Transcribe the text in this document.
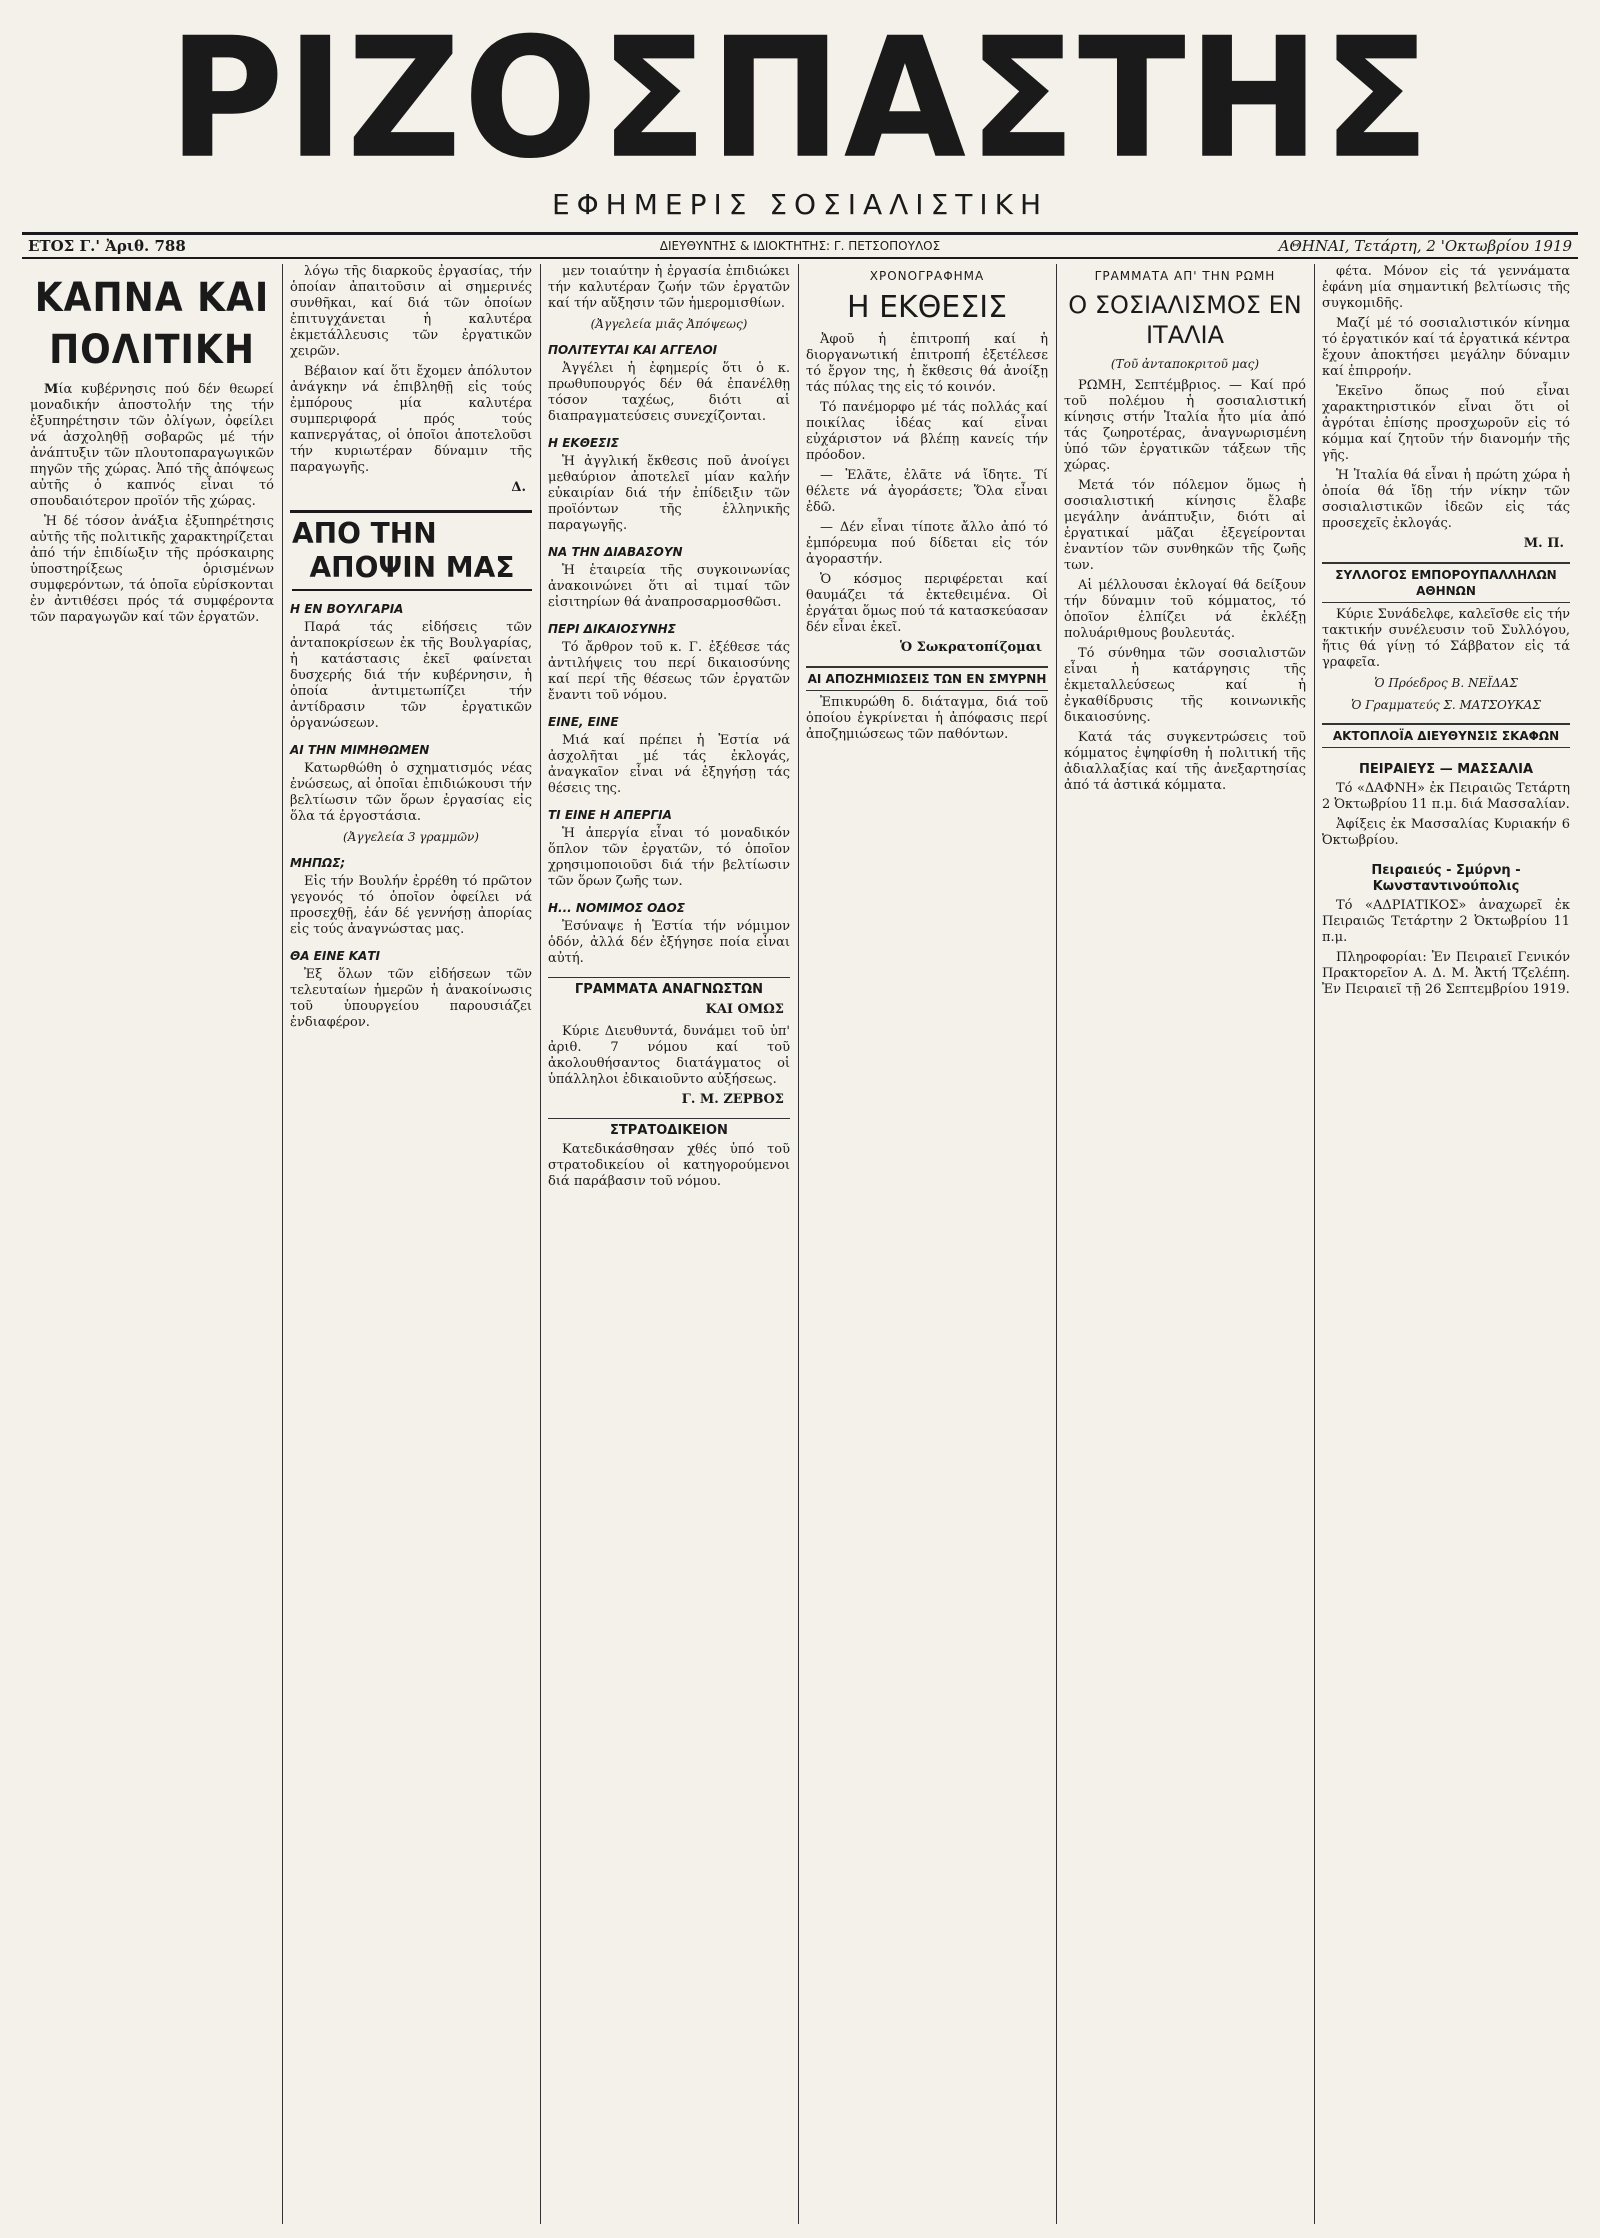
ΡΙΖΟΣΠΑΣΤΗΣ
ΕΦΗΜΕΡΙΣ ΣΟΣΙΑΛΙΣΤΙΚΗ
ΕΤΟΣ Γ.' Ἀριθ. 788	ΔΙΕΥΘΥΝΤΗΣ & ΙΔΙΟΚΤΗΤΗΣ: Γ. ΠΕΤΣΟΠΟΥΛΟΣ	ΑΘΗΝΑΙ, Τετάρτη, 2 'Οκτωβρίου 1919
ΚΑΠΝΑ ΚΑΙ ΠΟΛΙΤΙΚΗ

Μία κυβέρνησις πού δέν θεωρεί μοναδικήν ἀποστολήν της τήν ἐξυπηρέτησιν τῶν ὀλίγων, ὀφείλει νά ἀσχοληθῇ σοβαρῶς μέ τήν ἀνάπτυξιν τῶν πλουτοπαραγωγικῶν πηγῶν τῆς χώρας. Ἀπό τῆς ἀπόψεως αὐτῆς ὁ καπνός εἶναι τό σπουδαιότερον προϊόν τῆς χώρας.

Ἡ δέ τόσον ἀνάξια ἐξυπηρέτησις αὐτῆς τῆς πολιτικῆς χαρακτηρίζεται ἀπό τήν ἐπιδίωξιν τῆς πρόσκαιρης ὑποστηρίξεως ὁρισμένων συμφερόντων, τά ὁποῖα εὑρίσκονται ἐν ἀντιθέσει πρός τά συμφέροντα τῶν παραγωγῶν καί τῶν ἐργατῶν.

λόγω τῆς διαρκοῦς ἐργασίας, τήν ὁποίαν ἀπαιτοῦσιν αἱ σημερινές συνθῆκαι, καί διά τῶν ὁποίων ἐπιτυγχάνεται ἡ καλυτέρα ἐκμετάλλευσις τῶν ἐργατικῶν χειρῶν.

Βέβαιον καί ὅτι ἔχομεν ἀπόλυτον ἀνάγκην νά ἐπιβληθῇ εἰς τούς ἐμπόρους μία καλυτέρα συμπεριφορά πρός τούς καπνεργάτας, οἱ ὁποῖοι ἀποτελοῦσι τήν κυριωτέραν δύναμιν τῆς παραγωγῆς.

Δ.
ΑΠΟ ΤΗΝ
ΑΠΟΨΙΝ ΜΑΣ
Η ΕΝ ΒΟΥΛΓΑΡΙΑ

Παρά τάς εἰδήσεις τῶν ἀνταποκρίσεων ἐκ τῆς Βουλγαρίας, ἡ κατάστασις ἐκεῖ φαίνεται δυσχερής διά τήν κυβέρνησιν, ἡ ὁποία ἀντιμετωπίζει τήν ἀντίδρασιν τῶν ἐργατικῶν ὀργανώσεων.

ΑΙ ΤΗΝ ΜΙΜΗΘΩΜΕΝ

Κατωρθώθη ὁ σχηματισμός νέας ἐνώσεως, αἱ ὁποῖαι ἐπιδιώκουσι τήν βελτίωσιν τῶν ὅρων ἐργασίας εἰς ὅλα τά ἐργοστάσια.

(Ἀγγελεία 3 γραμμῶν)
ΜΗΠΩΣ;

Εἰς τήν Βουλήν ἐρρέθη τό πρῶτον γεγονός τό ὁποῖον ὀφείλει νά προσεχθῇ, ἐάν δέ γεννήσῃ ἀπορίας εἰς τούς ἀναγνώστας μας.

ΘΑ ΕΙΝΕ ΚΑΤΙ

Ἐξ ὅλων τῶν εἰδήσεων τῶν τελευταίων ἡμερῶν ἡ ἀνακοίνωσις τοῦ ὑπουργείου παρουσιάζει ἐνδιαφέρον.

μεν τοιαύτην ἡ ἐργασία ἐπιδιώκει τήν καλυτέραν ζωήν τῶν ἐργατῶν καί τήν αὔξησιν τῶν ἡμερομισθίων.

(Ἀγγελεία μιᾶς Ἀπόψεως)
ΠΟΛΙΤΕΥΤΑΙ ΚΑΙ ΑΓΓΕΛΟΙ

Ἀγγέλει ἡ ἐφημερίς ὅτι ὁ κ. πρωθυπουργός δέν θά ἐπανέλθῃ τόσον ταχέως, διότι αἱ διαπραγματεύσεις συνεχίζονται.

Η ΕΚΘΕΣΙΣ

Ἡ ἀγγλική ἔκθεσις ποῦ ἀνοίγει μεθαύριον ἀποτελεῖ μίαν καλήν εὐκαιρίαν διά τήν ἐπίδειξιν τῶν προϊόντων τῆς ἑλληνικῆς παραγωγῆς.

ΝΑ ΤΗΝ ΔΙΑΒΑΣΟΥΝ

Ἡ ἑταιρεία τῆς συγκοινωνίας ἀνακοινώνει ὅτι αἱ τιμαί τῶν εἰσιτηρίων θά ἀναπροσαρμοσθῶσι.

ΠΕΡΙ ΔΙΚΑΙΟΣΥΝΗΣ

Τό ἄρθρον τοῦ κ. Γ. ἐξέθεσε τάς ἀντιλήψεις του περί δικαιοσύνης καί περί τῆς θέσεως τῶν ἐργατῶν ἔναντι τοῦ νόμου.

ΕΙΝΕ, ΕΙΝΕ

Μιά καί πρέπει ἡ Ἑστία νά ἀσχολῆται μέ τάς ἐκλογάς, ἀναγκαῖον εἶναι νά ἐξηγήσῃ τάς θέσεις της.

ΤΙ ΕΙΝΕ Η ΑΠΕΡΓΙΑ

Ἡ ἀπεργία εἶναι τό μοναδικόν ὅπλον τῶν ἐργατῶν, τό ὁποῖον χρησιμοποιοῦσι διά τήν βελτίωσιν τῶν ὅρων ζωῆς των.

Η... ΝΟΜΙΜΟΣ ΟΔΟΣ

Ἐσύναψε ἡ Ἑστία τήν νόμιμον ὁδόν, ἀλλά δέν ἐξήγησε ποία εἶναι αὐτή.

ΓΡΑΜΜΑΤΑ ΑΝΑΓΝΩΣΤΩΝ
ΚΑΙ ΟΜΩΣ

Κύριε Διευθυντά, δυνάμει τοῦ ὑπ' ἀριθ. 7 νόμου καί τοῦ ἀκολουθήσαντος διατάγματος οἱ ὑπάλληλοι ἐδικαιοῦντο αὐξήσεως.

Γ. Μ. ΖΕΡΒΟΣ
ΣΤΡΑΤΟΔΙΚΕΙΟΝ

Κατεδικάσθησαν χθές ὑπό τοῦ στρατοδικείου οἱ κατηγορούμενοι διά παράβασιν τοῦ νόμου.

ΧΡΟΝΟΓΡΑΦΗΜΑ
Η ΕΚΘΕΣΙΣ

Ἀφοῦ ἡ ἐπιτροπή καί ἡ διοργανωτική ἐπιτροπή ἐξετέλεσε τό ἔργον της, ἡ ἔκθεσις θά ἀνοίξῃ τάς πύλας της εἰς τό κοινόν.

Τό πανέμορφο μέ τάς πολλάς καί ποικίλας ἰδέας καί εἶναι εὐχάριστον νά βλέπῃ κανείς τήν πρόοδον.

— Ἐλᾶτε, ἐλᾶτε νά ἴδητε. Τί θέλετε νά ἀγοράσετε; Ὅλα εἶναι ἐδῶ.

— Δέν εἶναι τίποτε ἄλλο ἀπό τό ἐμπόρευμα πού δίδεται εἰς τόν ἀγοραστήν.

Ὁ κόσμος περιφέρεται καί θαυμάζει τά ἐκτεθειμένα. Οἱ ἐργάται ὅμως πού τά κατασκεύασαν δέν εἶναι ἐκεῖ.

Ὁ Σωκρατοπίζομαι
ΑΙ ΑΠΟΖΗΜΙΩΣΕΙΣ ΤΩΝ ΕΝ ΣΜΥΡΝΗ

Ἐπικυρώθη δ. διάταγμα, διά τοῦ ὁποίου ἐγκρίνεται ἡ ἀπόφασις περί ἀποζημιώσεως τῶν παθόντων.

ΓΡΑΜΜΑΤΑ ΑΠ' ΤΗΝ ΡΩΜΗ
Ο ΣΟΣΙΑΛΙΣΜΟΣ ΕΝ ΙΤΑΛΙΑ
(Τοῦ ἀνταποκριτοῦ μας)

ΡΩΜΗ, Σεπτέμβριος. — Καί πρό τοῦ πολέμου ἡ σοσιαλιστική κίνησις στήν Ἰταλία ἦτο μία ἀπό τάς ζωηροτέρας, ἀναγνωρισμένη ὑπό τῶν ἐργατικῶν τάξεων τῆς χώρας.

Μετά τόν πόλεμον ὅμως ἡ σοσιαλιστική κίνησις ἔλαβε μεγάλην ἀνάπτυξιν, διότι αἱ ἐργατικαί μᾶζαι ἐξεγείρονται ἐναντίον τῶν συνθηκῶν τῆς ζωῆς των.

Αἱ μέλλουσαι ἐκλογαί θά δείξουν τήν δύναμιν τοῦ κόμματος, τό ὁποῖον ἐλπίζει νά ἐκλέξῃ πολυάριθμους βουλευτάς.

Τό σύνθημα τῶν σοσιαλιστῶν εἶναι ἡ κατάργησις τῆς ἐκμεταλλεύσεως καί ἡ ἐγκαθίδρυσις τῆς κοινωνικῆς δικαιοσύνης.

Κατά τάς συγκεντρώσεις τοῦ κόμματος ἐψηφίσθη ἡ πολιτική τῆς ἀδιαλλαξίας καί τῆς ἀνεξαρτησίας ἀπό τά ἀστικά κόμματα.

φέτα. Μόνον εἰς τά γεννάματα ἐφάνη μία σημαντική βελτίωσις τῆς συγκομιδῆς.

Μαζί μέ τό σοσιαλιστικόν κίνημα τό ἐργατικόν καί τά ἐργατικά κέντρα ἔχουν ἀποκτήσει μεγάλην δύναμιν καί ἐπιρροήν.

Ἐκεῖνο ὅπως πού εἶναι χαρακτηριστικόν εἶναι ὅτι οἱ ἀγρόται ἐπίσης προσχωροῦν εἰς τό κόμμα καί ζητοῦν τήν διανομήν τῆς γῆς.

Ἡ Ἰταλία θά εἶναι ἡ πρώτη χώρα ἡ ὁποία θά ἴδῃ τήν νίκην τῶν σοσιαλιστικῶν ἰδεῶν εἰς τάς προσεχεῖς ἐκλογάς.

Μ. Π.
ΣΥΛΛΟΓΟΣ ΕΜΠΟΡΟΥΠΑΛΛΗΛΩΝ ΑΘΗΝΩΝ

Κύριε Συνάδελφε, καλεῖσθε εἰς τήν τακτικήν συνέλευσιν τοῦ Συλλόγου, ἥτις θά γίνῃ τό Σάββατον εἰς τά γραφεῖα.

Ὁ Πρόεδρος Β. ΝΕΪΔΑΣ
Ὁ Γραμματεύς Σ. ΜΑΤΣΟΥΚΑΣ
ΑΚΤΟΠΛΟΪΑ ΔΙΕΥΘΥΝΣΙΣ ΣΚΑΦΩΝ
ΠΕΙΡΑΙΕΥΣ — ΜΑΣΣΑΛΙΑ

Τό «ΔΑΦΝΗ» ἐκ Πειραιῶς Τετάρτη 2 Ὀκτωβρίου 11 π.μ. διά Μασσαλίαν.

Ἀφίξεις ἐκ Μασσαλίας Κυριακήν 6 Ὀκτωβρίου.

Πειραιεύς - Σμύρνη - Κωνσταντινούπολις

Τό «ΑΔΡΙΑΤΙΚΟΣ» ἀναχωρεῖ ἐκ Πειραιῶς Τετάρτην 2 Ὀκτωβρίου 11 π.μ.

Πληροφορίαι: Ἐν Πειραιεῖ Γενικόν Πρακτορεῖον Α. Δ. Μ. Ἀκτή Τζελέπη. Ἐν Πειραιεῖ τῇ 26 Σεπτεμβρίου 1919.
